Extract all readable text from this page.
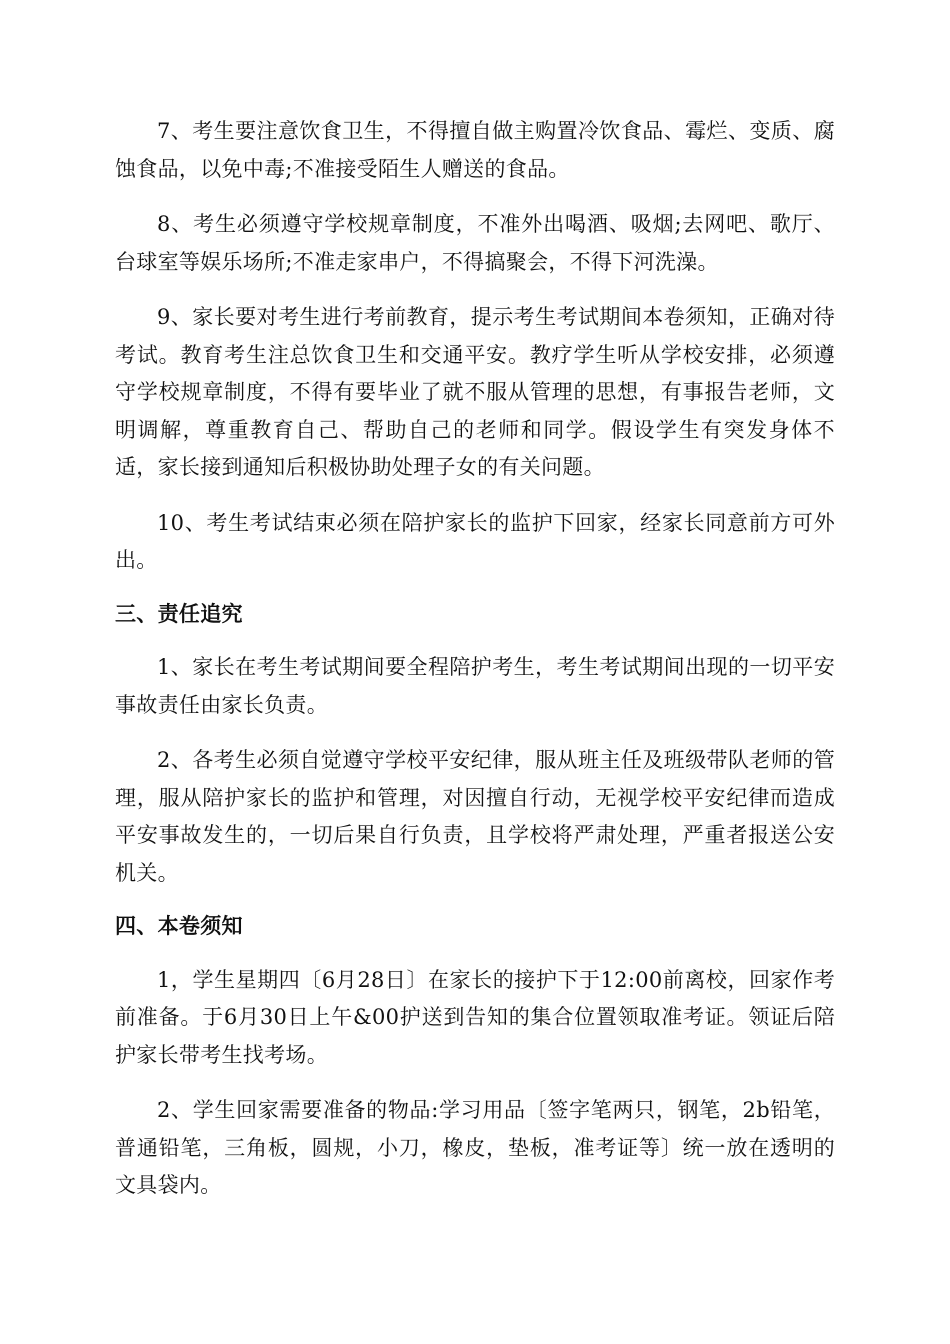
7、考生要注意饮食卫生，不得擅自做主购置冷饮食品、霉烂、变质、腐蚀食品，以免中毒;不准接受陌生人赠送的食品。

8、考生必须遵守学校规章制度，不准外出喝酒、吸烟;去网吧、歌厅、台球室等娱乐场所;不准走家串户，不得搞聚会，不得下河洗澡。

9、家长要对考生进行考前教育，提示考生考试期间本卷须知，正确对待考试。教育考生注总饮食卫生和交通平安。教疗学生听从学校安排，必须遵守学校规章制度，不得有要毕业了就不服从管理的思想，有事报告老师，文明调解，尊重教育自己、帮助自己的老师和同学。假设学生有突发身体不适，家长接到通知后积极协助处理子女的有关问题。

10、考生考试结束必须在陪护家长的监护下回家，经家长同意前方可外出。

三、责任追究

1、家长在考生考试期间要全程陪护考生，考生考试期间出现的一切平安事故责任由家长负责。

2、各考生必须自觉遵守学校平安纪律，服从班主任及班级带队老师的管理，服从陪护家长的监护和管理，对因擅自行动，无视学校平安纪律而造成平安事故发生的，一切后果自行负责，且学校将严肃处理，严重者报送公安机关。

四、本卷须知

1，学生星期四〔6月28日〕在家长的接护下于12:00前离校，回家作考前准备。于6月30日上午&00护送到告知的集合位置领取准考证。领证后陪护家长带考生找考场。

2、学生回家需要准备的物品:学习用品〔签字笔两只，钢笔，2b铅笔，普通铅笔，三角板，圆规，小刀，橡皮，垫板，准考证等〕统一放在透明的文具袋内。
